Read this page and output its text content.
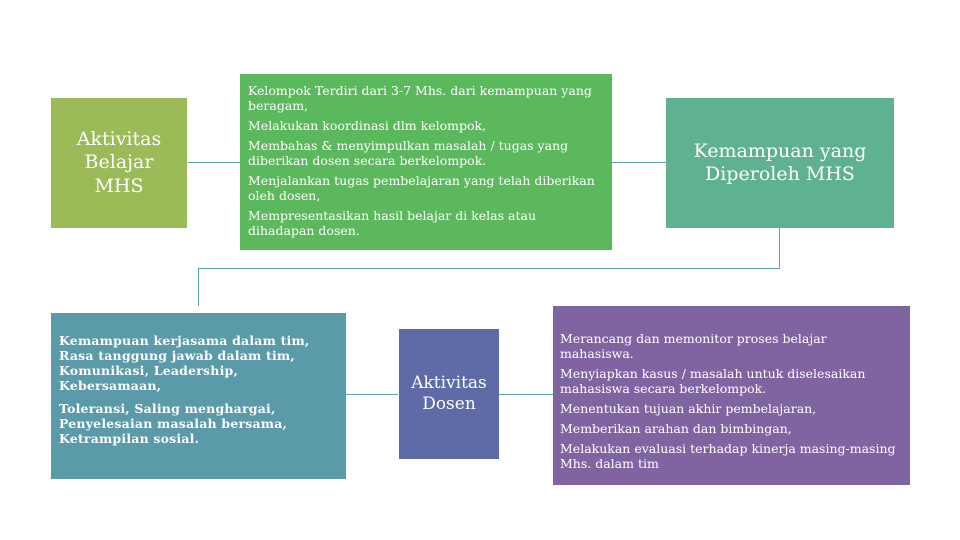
Aktivitas Belajar MHS

Kelompok Terdiri dari 3-7 Mhs. dari kemampuan yang beragam,

Melakukan koordinasi dlm kelompok,

Membahas & menyimpulkan masalah / tugas yang diberikan dosen secara berkelompok.

Menjalankan tugas pembelajaran yang telah diberikan oleh dosen,

Mempresentasikan hasil belajar di kelas atau dihadapan dosen.

Kemampuan yang Diperoleh MHS

Kemampuan kerjasama dalam tim, Rasa tanggung jawab dalam tim, Komunikasi, Leadership, Kebersamaan,

Toleransi, Saling menghargai, Penyelesaian masalah bersama, Ketrampilan sosial.

Aktivitas Dosen

Merancang dan memonitor proses belajar mahasiswa.

Menyiapkan kasus / masalah untuk diselesaikan mahasiswa secara berkelompok.

Menentukan tujuan akhir pembelajaran,

Memberikan arahan dan bimbingan,

Melakukan evaluasi terhadap kinerja masing-masing Mhs. dalam tim
